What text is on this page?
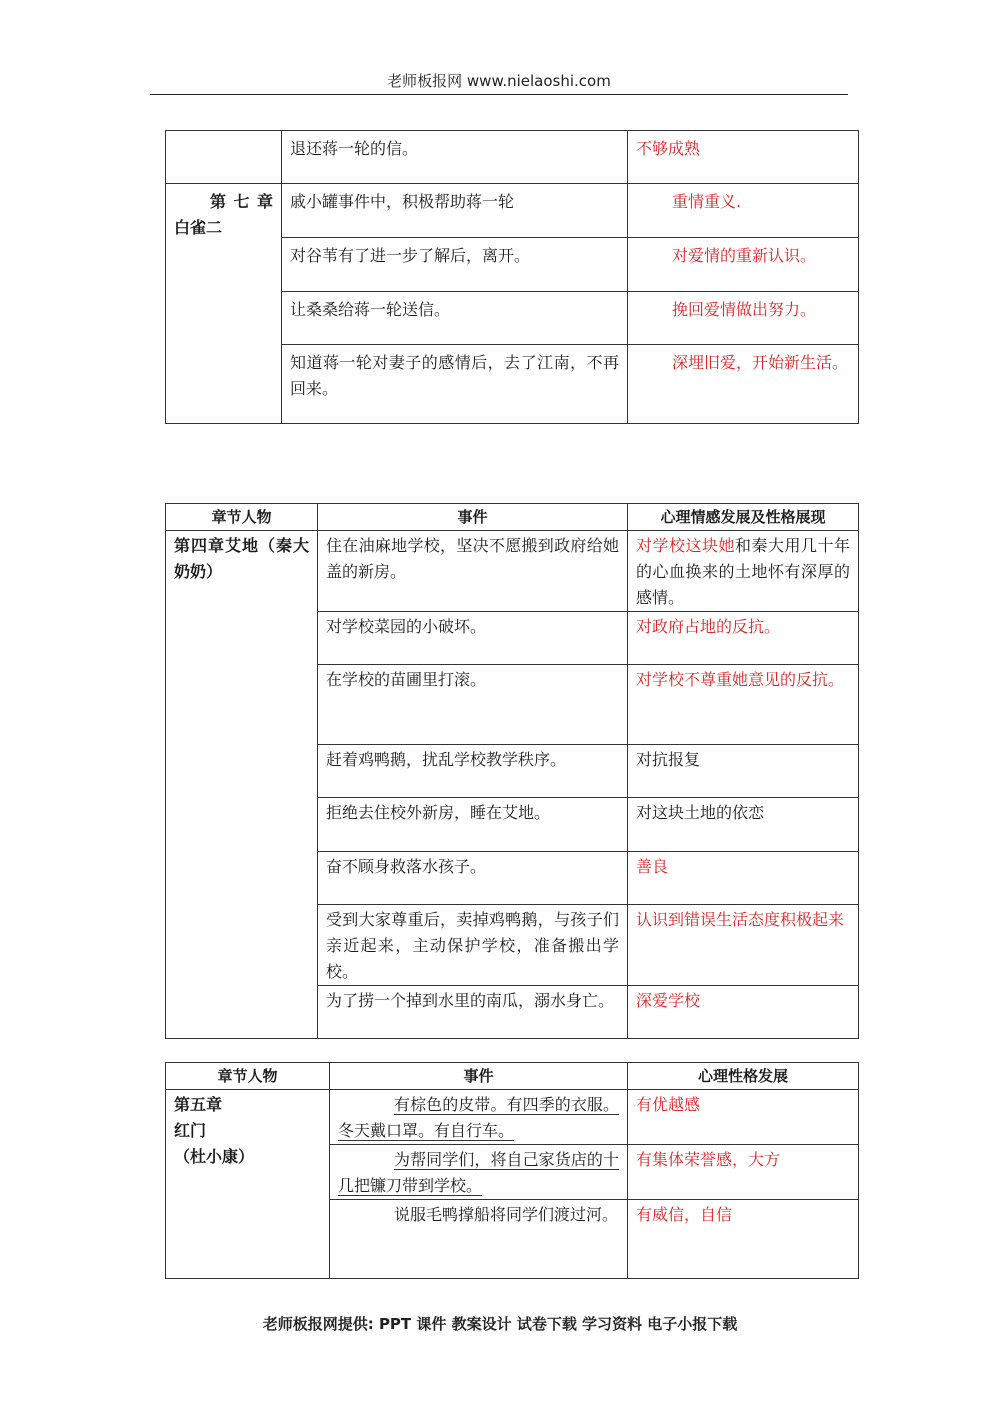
老师板报网 www.nielaoshi.com
	退还蒋一轮的信。	不够成熟

第七章
白雀二	戚小罐事件中，积极帮助蒋一轮	重情重义.
	对谷苇有了进一步了解后，离开。	对爱情的重新认识。
	让桑桑给蒋一轮送信。	挽回爱情做出努力。
	知道蒋一轮对妻子的感情后，去了江南，不再回来。	深埋旧爱，开始新生活。
章节人物	事件	心理情感发展及性格展现
第四章艾地（秦大奶奶）	住在油麻地学校，坚决不愿搬到政府给她盖的新房。	对学校这块她和秦大用几十年的心血换来的土地怀有深厚的感情。
	对学校菜园的小破坏。	对政府占地的反抗。
	在学校的苗圃里打滚。	对学校不尊重她意见的反抗。
	赶着鸡鸭鹅，扰乱学校教学秩序。	对抗报复
	拒绝去住校外新房，睡在艾地。	对这块土地的依恋
	奋不顾身救落水孩子。	善良
	受到大家尊重后，卖掉鸡鸭鹅，与孩子们亲近起来，主动保护学校，准备搬出学校。	认识到错误生活态度积极起来
	为了捞一个掉到水里的南瓜，溺水身亡。	深爱学校
章节人物	事件	心理性格发展

第五章
红门
（杜小康）	有棕色的皮带。有四季的衣服。冬天戴口罩。有自行车。	有优越感
	为帮同学们，将自己家货店的十几把镰刀带到学校。	有集体荣誉感，大方
	说服毛鸭撑船将同学们渡过河。	有威信，自信
老师板报网提供: PPT 课件 教案设计 试卷下载 学习资料 电子小报下载
